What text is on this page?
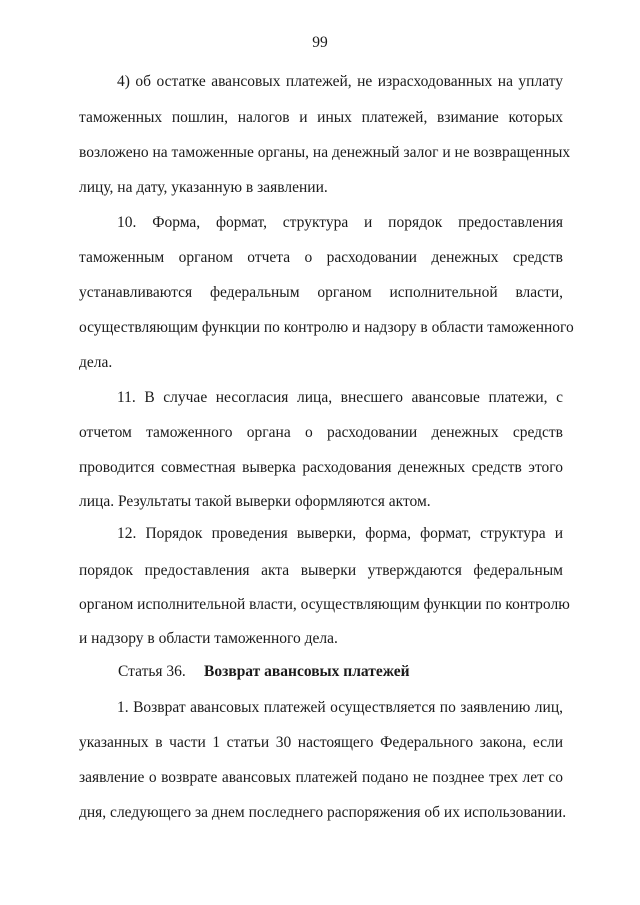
99
4) об остатке авансовых платежей, не израсходованных на уплату
таможенных пошлин, налогов и иных платежей, взимание которых
возложено на таможенные органы, на денежный залог и не возвращенных
лицу, на дату, указанную в заявлении.
10. Форма, формат, структура и порядок предоставления
таможенным органом отчета о расходовании денежных средств
устанавливаются федеральным органом исполнительной власти,
осуществляющим функции по контролю и надзору в области таможенного
дела.
11. В случае несогласия лица, внесшего авансовые платежи, с
отчетом таможенного органа о расходовании денежных средств
проводится совместная выверка расходования денежных средств этого
лица. Результаты такой выверки оформляются актом.
12. Порядок проведения выверки, форма, формат, структура и
порядок предоставления акта выверки утверждаются федеральным
органом исполнительной власти, осуществляющим функции по контролю
и надзору в области таможенного дела.
Статья 36. Возврат авансовых платежей
1. Возврат авансовых платежей осуществляется по заявлению лиц,
указанных в части 1 статьи 30 настоящего Федерального закона, если
заявление о возврате авансовых платежей подано не позднее трех лет со
дня, следующего за днем последнего распоряжения об их использовании.
